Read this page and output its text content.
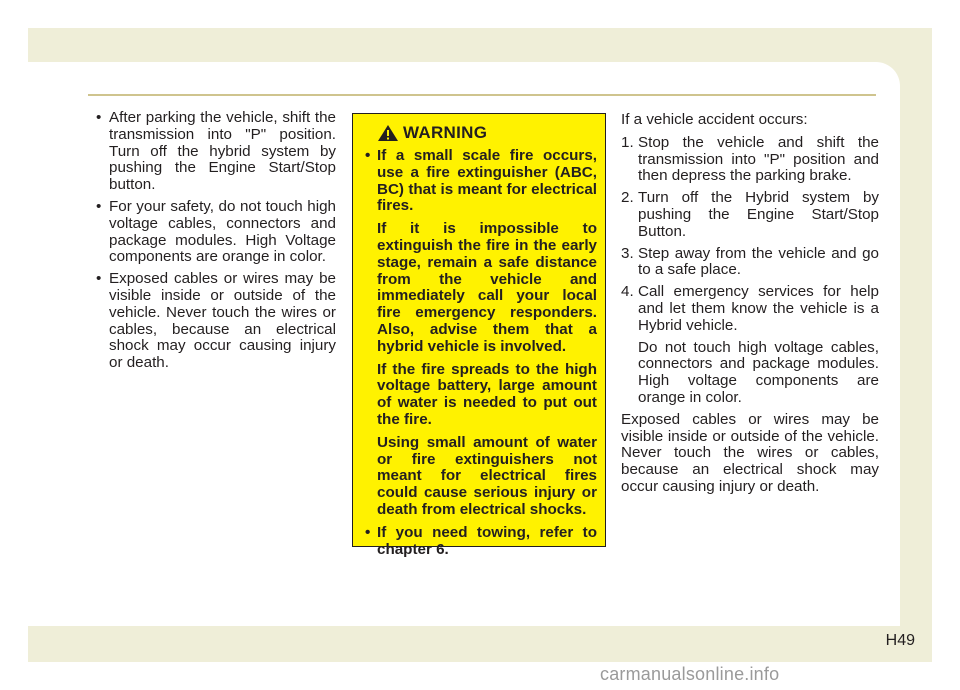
• After parking the vehicle, shift the transmission into "P" position. Turn off the hybrid system by pushing the Engine Start/Stop button.

• For your safety, do not touch high voltage cables, connectors and package modules. High Voltage components are orange in color.

• Exposed cables or wires may be visible inside or outside of the vehicle. Never touch the wires or cables, because an electrical shock may occur causing injury or death.

WARNING

• If a small scale fire occurs, use a fire extinguisher (ABC, BC) that is meant for electrical fires.

If it is impossible to extinguish the fire in the early stage, remain a safe distance from the vehicle and immediately call your local fire emergency responders. Also, advise them that a hybrid vehicle is involved.

If the fire spreads to the high voltage battery, large amount of water is needed to put out the fire.

Using small amount of water or fire extinguishers not meant for electrical fires could cause serious injury or death from electrical shocks.

• If you need towing, refer to chapter 6.

If a vehicle accident occurs:

1. Stop the vehicle and shift the transmission into "P" position and then depress the parking brake.

2. Turn off the Hybrid system by pushing the Engine Start/Stop Button.

3. Step away from the vehicle and go to a safe place.

4. Call emergency services for help and let them know the vehicle is a Hybrid vehicle.

Do not touch high voltage cables, connectors and package modules. High voltage components are orange in color.

Exposed cables or wires may be visible inside or outside of the vehicle. Never touch the wires or cables, because an electrical shock may occur causing injury or death.

H49
carmanualsonline.info
